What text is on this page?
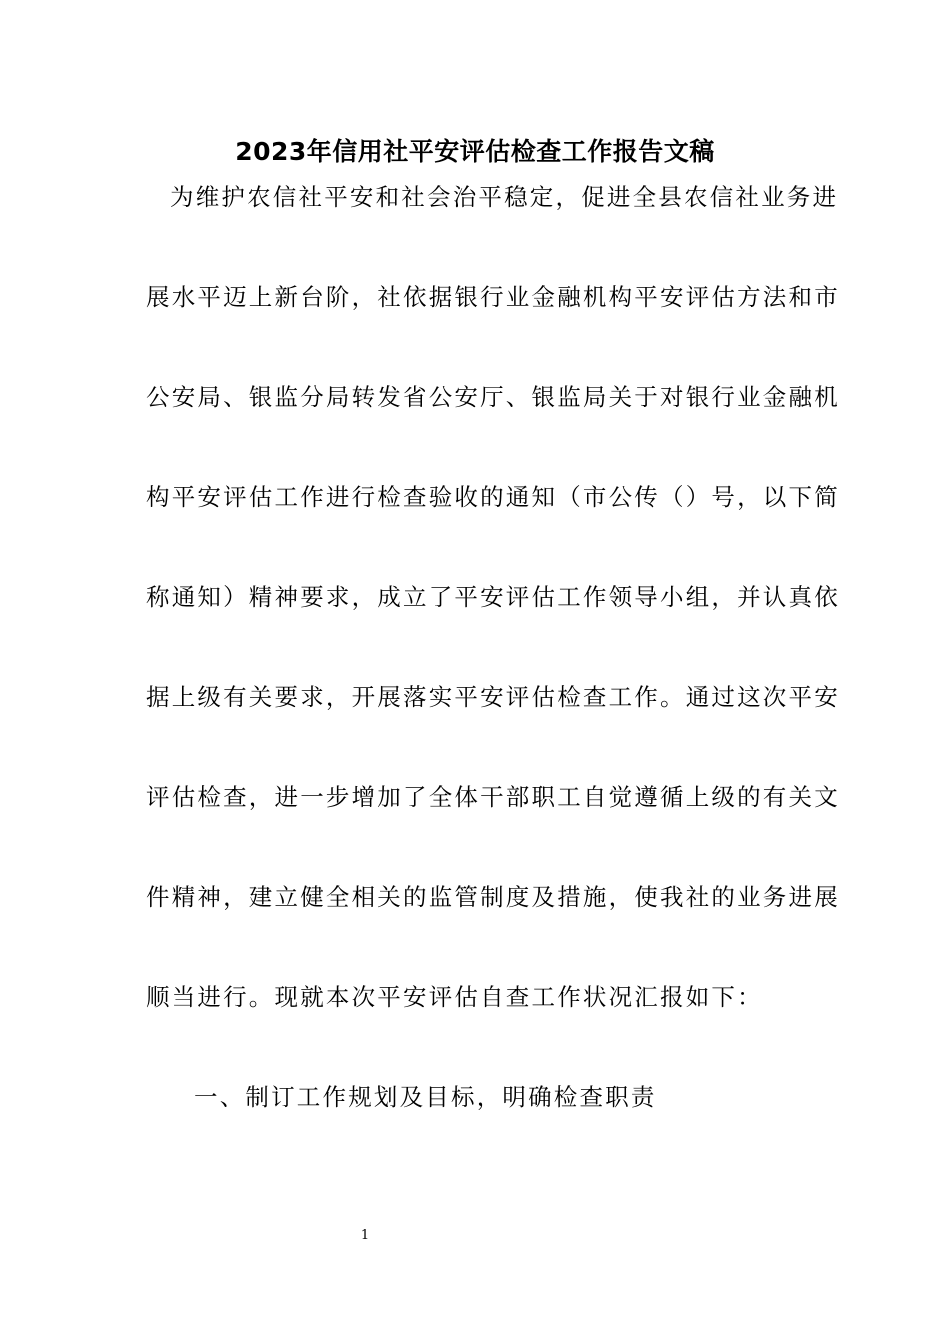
2023年信用社平安评估检查工作报告文稿
为维护农信社平安和社会治平稳定，促进全县农信社业务进
展水平迈上新台阶，社依据银行业金融机构平安评估方法和市
公安局、银监分局转发省公安厅、银监局关于对银行业金融机
构平安评估工作进行检查验收的通知（市公传（）号，以下简
称通知）精神要求，成立了平安评估工作领导小组，并认真依
据上级有关要求，开展落实平安评估检查工作。通过这次平安
评估检查，进一步增加了全体干部职工自觉遵循上级的有关文
件精神，建立健全相关的监管制度及措施，使我社的业务进展
顺当进行。现就本次平安评估自查工作状况汇报如下：
一、制订工作规划及目标，明确检查职责
1
